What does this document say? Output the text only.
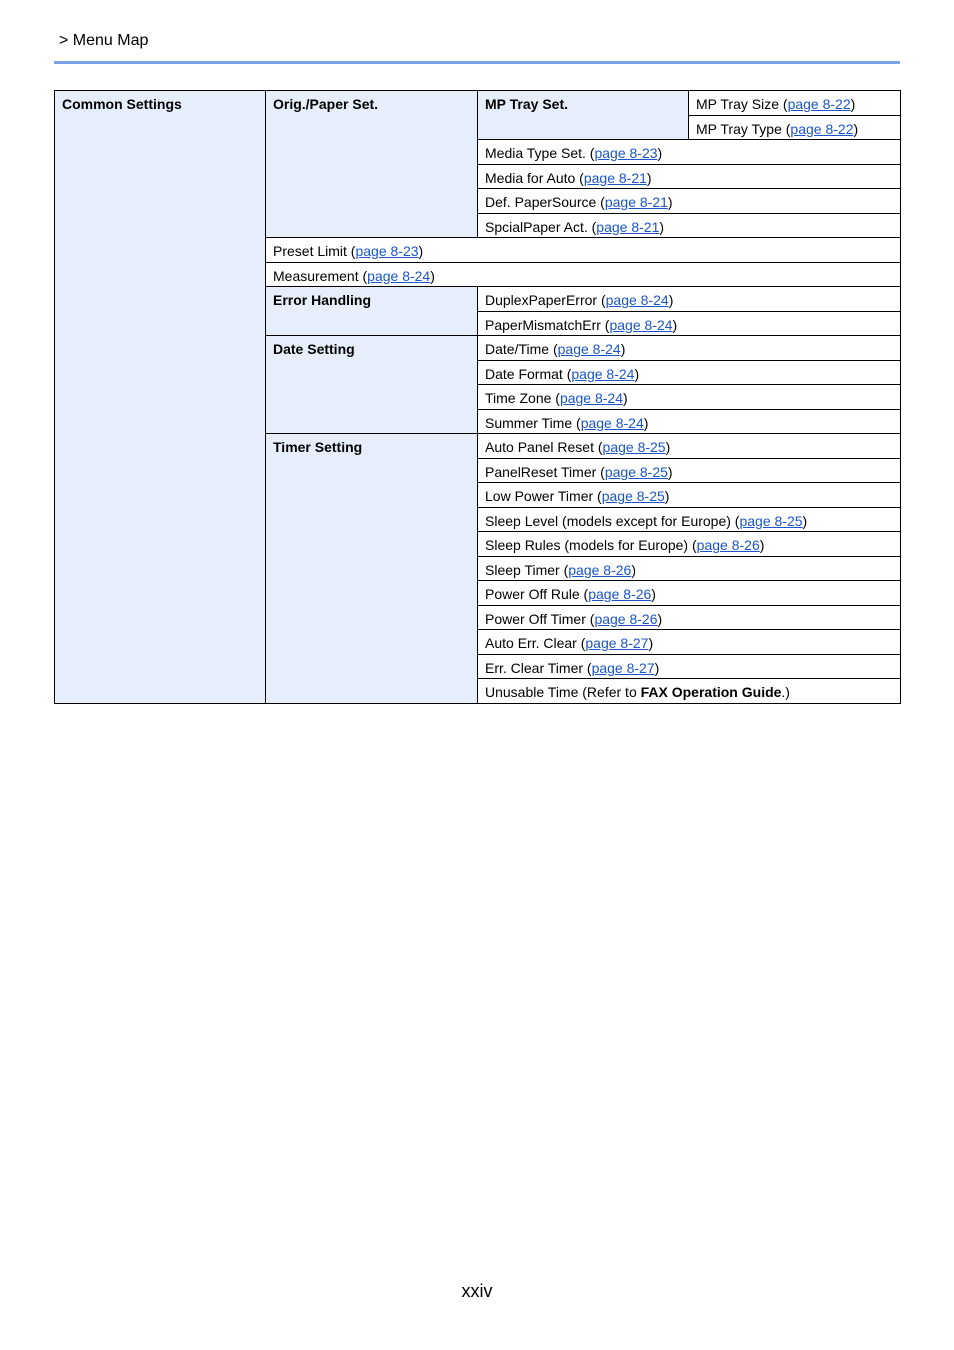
> Menu Map
Common Settings	Orig./Paper Set.	MP Tray Set.	MP Tray Size (page 8-22)
			MP Tray Type (page 8-22)
		Media Type Set. (page 8-23)	
		Media for Auto (page 8-21)	
		Def. PaperSource (page 8-21)	
		SpcialPaper Act. (page 8-21)	
	Preset Limit (page 8-23)		
	Measurement (page 8-24)		
	Error Handling	DuplexPaperError (page 8-24)	
		PaperMismatchErr (page 8-24)	
	Date Setting	Date/Time (page 8-24)	
		Date Format (page 8-24)	
		Time Zone (page 8-24)	
		Summer Time (page 8-24)	
	Timer Setting	Auto Panel Reset (page 8-25)	
		PanelReset Timer (page 8-25)	
		Low Power Timer (page 8-25)	
		Sleep Level (models except for Europe) (page 8-25)	
		Sleep Rules (models for Europe) (page 8-26)	
		Sleep Timer (page 8-26)	
		Power Off Rule (page 8-26)	
		Power Off Timer (page 8-26)	
		Auto Err. Clear (page 8-27)	
		Err. Clear Timer (page 8-27)	
		Unusable Time (Refer to FAX Operation Guide.)	
xxiv
